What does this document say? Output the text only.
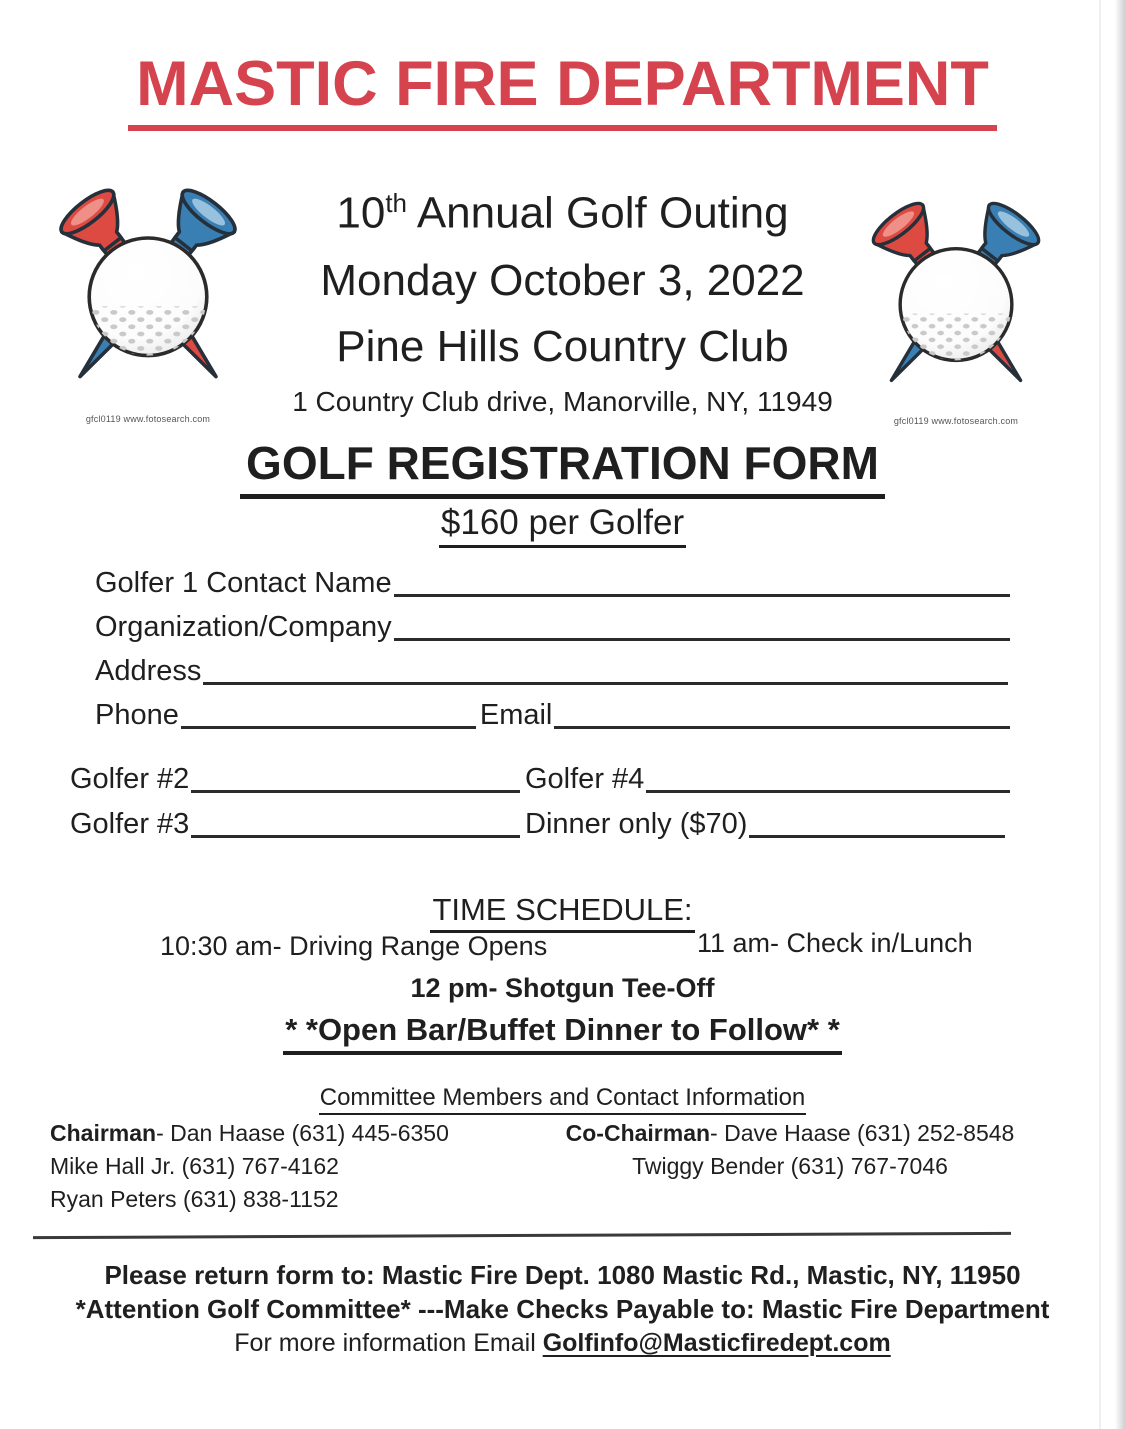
MASTIC FIRE DEPARTMENT
gfcl0119 www.fotosearch.com	gfcl0119 www.fotosearch.com
10th Annual Golf Outing
Monday October 3, 2022
Pine Hills Country Club
1 Country Club drive, Manorville, NY, 11949
GOLF REGISTRATION FORM
$160 per Golfer
Golfer 1 Contact Name
Organization/Company
Address
Phone	Email
Golfer #2	Golfer #4
Golfer #3	Dinner only ($70)
TIME SCHEDULE:
10:30 am- Driving Range Opens	11 am- Check in/Lunch
12 pm- Shotgun Tee-Off
* *Open Bar/Buffet Dinner to Follow* *
Committee Members and Contact Information
Chairman- Dan Haase (631) 445-6350
Mike Hall Jr. (631) 767-4162
Ryan Peters (631) 838-1152
Co-Chairman- Dave Haase (631) 252-8548
Twiggy Bender (631) 767-7046
Please return form to: Mastic Fire Dept. 1080 Mastic Rd., Mastic, NY, 11950
*Attention Golf Committee* ---Make Checks Payable to: Mastic Fire Department
For more information Email Golfinfo@Masticfiredept.com
